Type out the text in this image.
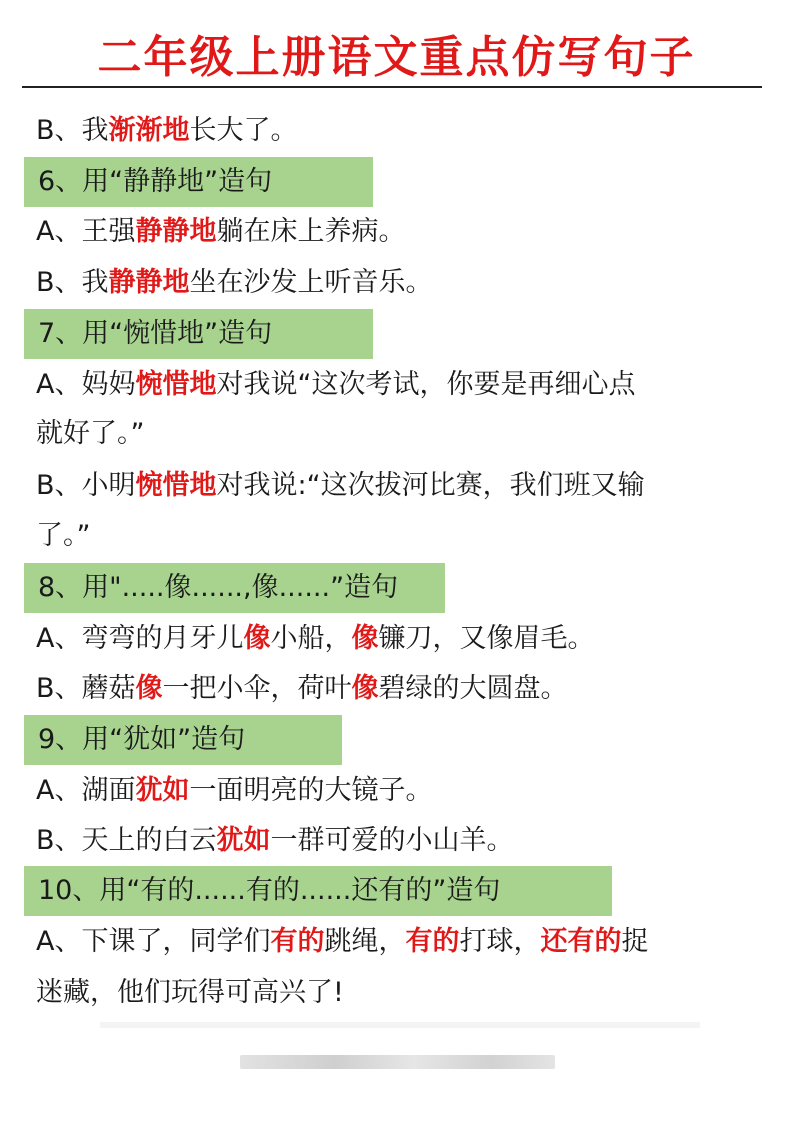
二年级上册语文重点仿写句子
B、我渐渐地长大了。
6、用“静静地”造句
A、王强静静地躺在床上养病。
B、我静静地坐在沙发上听音乐。
7、用“惋惜地”造句
A、妈妈惋惜地对我说“这次考试，你要是再细心点
就好了。”
B、小明惋惜地对我说:“这次拔河比赛，我们班又输
了。”
8、用".....像......,像......”造句
A、弯弯的月牙儿像小船，像镰刀，又像眉毛。
B、蘑菇像一把小伞，荷叶像碧绿的大圆盘。
9、用“犹如”造句
A、湖面犹如一面明亮的大镜子。
B、天上的白云犹如一群可爱的小山羊。
10、用“有的......有的......还有的”造句
A、下课了，同学们有的跳绳，有的打球，还有的捉
迷藏，他们玩得可高兴了!
